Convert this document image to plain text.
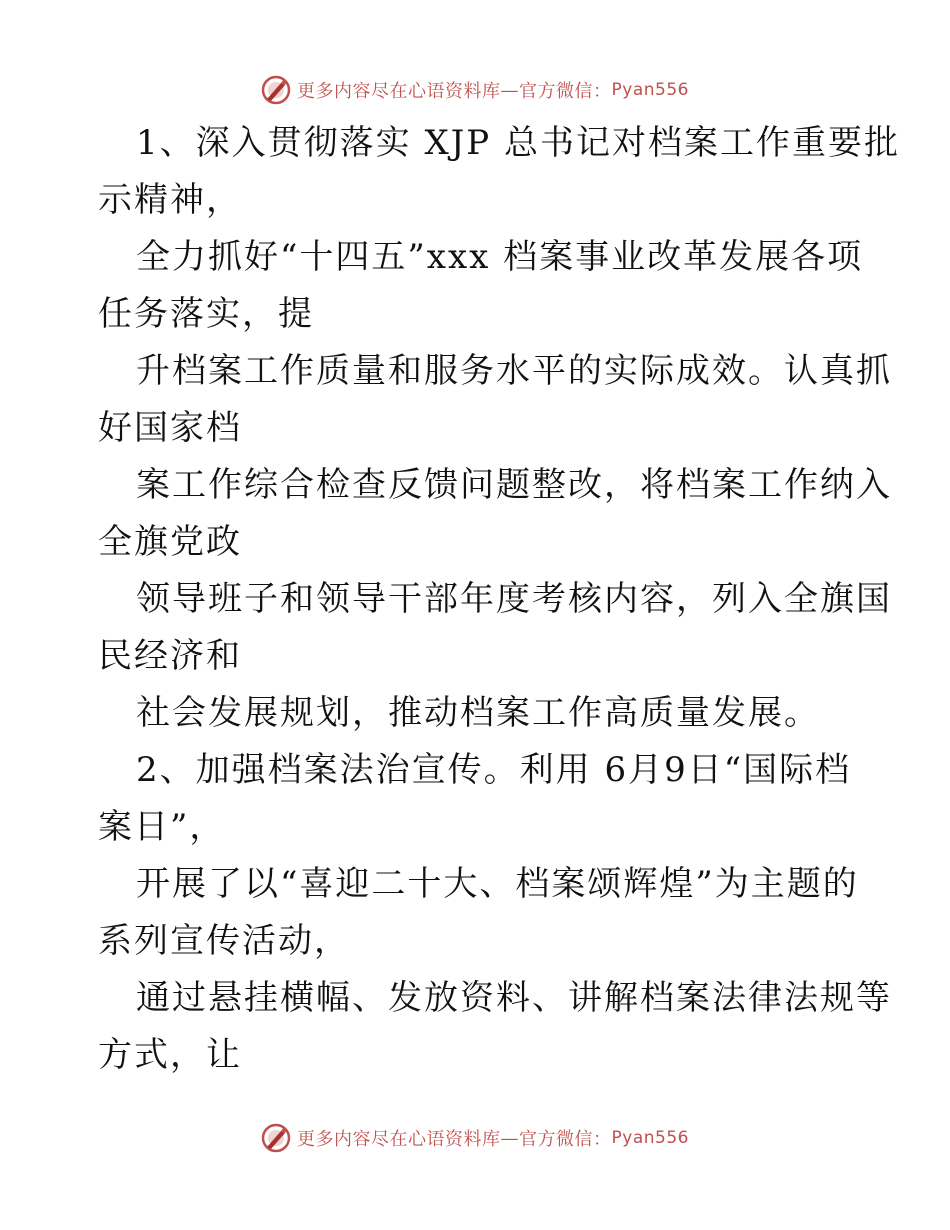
更多内容尽在心语资料库 — 官方微信： Pyan556

1、深入贯彻落实 XJP 总书记对档案工作重要批
示精神，

全力抓好“十四五”xxx 档案事业改革发展各项
任务落实，提

升档案工作质量和服务水平的实际成效。认真抓
好国家档

案工作综合检查反馈问题整改，将档案工作纳入
全旗党政

领导班子和领导干部年度考核内容，列入全旗国
民经济和

社会发展规划，推动档案工作高质量发展。

2、加强档案法治宣传。利用 6月9日“国际档
案日”，

开展了以“喜迎二十大、档案颂辉煌”为主题的
系列宣传活动，

通过悬挂横幅、发放资料、讲解档案法律法规等
方式，让

更多内容尽在心语资料库 — 官方微信： Pyan556
